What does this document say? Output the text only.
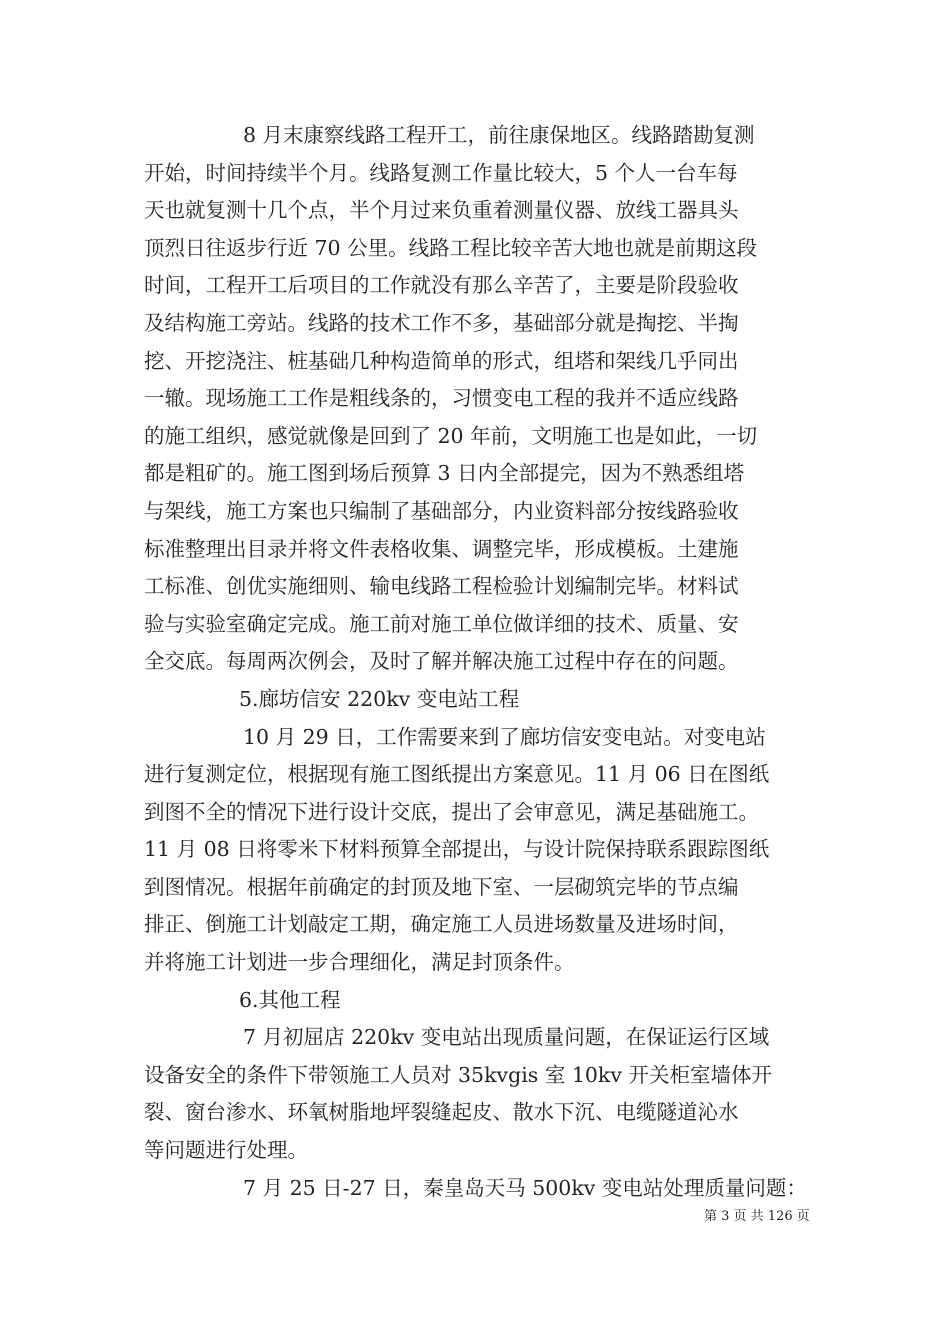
8 月末康察线路工程开工，前往康保地区。线路踏勘复测
开始，时间持续半个月。线路复测工作量比较大，5 个人一台车每
天也就复测十几个点，半个月过来负重着测量仪器、放线工器具头
顶烈日往返步行近 70 公里。线路工程比较辛苦大地也就是前期这段
时间，工程开工后项目的工作就没有那么辛苦了，主要是阶段验收
及结构施工旁站。线路的技术工作不多，基础部分就是掏挖、半掏
挖、开挖浇注、桩基础几种构造简单的形式，组塔和架线几乎同出
一辙。现场施工工作是粗线条的，习惯变电工程的我并不适应线路
的施工组织，感觉就像是回到了 20 年前，文明施工也是如此，一切
都是粗矿的。施工图到场后预算 3 日内全部提完，因为不熟悉组塔
与架线，施工方案也只编制了基础部分，内业资料部分按线路验收
标准整理出目录并将文件表格收集、调整完毕，形成模板。土建施
工标准、创优实施细则、输电线路工程检验计划编制完毕。材料试
验与实验室确定完成。施工前对施工单位做详细的技术、质量、安
全交底。每周两次例会，及时了解并解决施工过程中存在的问题。
5.廊坊信安 220kv 变电站工程
10 月 29 日，工作需要来到了廊坊信安变电站。对变电站
进行复测定位，根据现有施工图纸提出方案意见。11 月 06 日在图纸
到图不全的情况下进行设计交底，提出了会审意见，满足基础施工。
11 月 08 日将零米下材料预算全部提出，与设计院保持联系跟踪图纸
到图情况。根据年前确定的封顶及地下室、一层砌筑完毕的节点编
排正、倒施工计划敲定工期，确定施工人员进场数量及进场时间，
并将施工计划进一步合理细化，满足封顶条件。
6.其他工程
7 月初屈店 220kv 变电站出现质量问题，在保证运行区域
设备安全的条件下带领施工人员对 35kvgis 室 10kv 开关柜室墙体开
裂、窗台渗水、环氧树脂地坪裂缝起皮、散水下沉、电缆隧道沁水
等问题进行处理。
7 月 25 日-27 日，秦皇岛天马 500kv 变电站处理质量问题：
第 3 页 共 126 页
